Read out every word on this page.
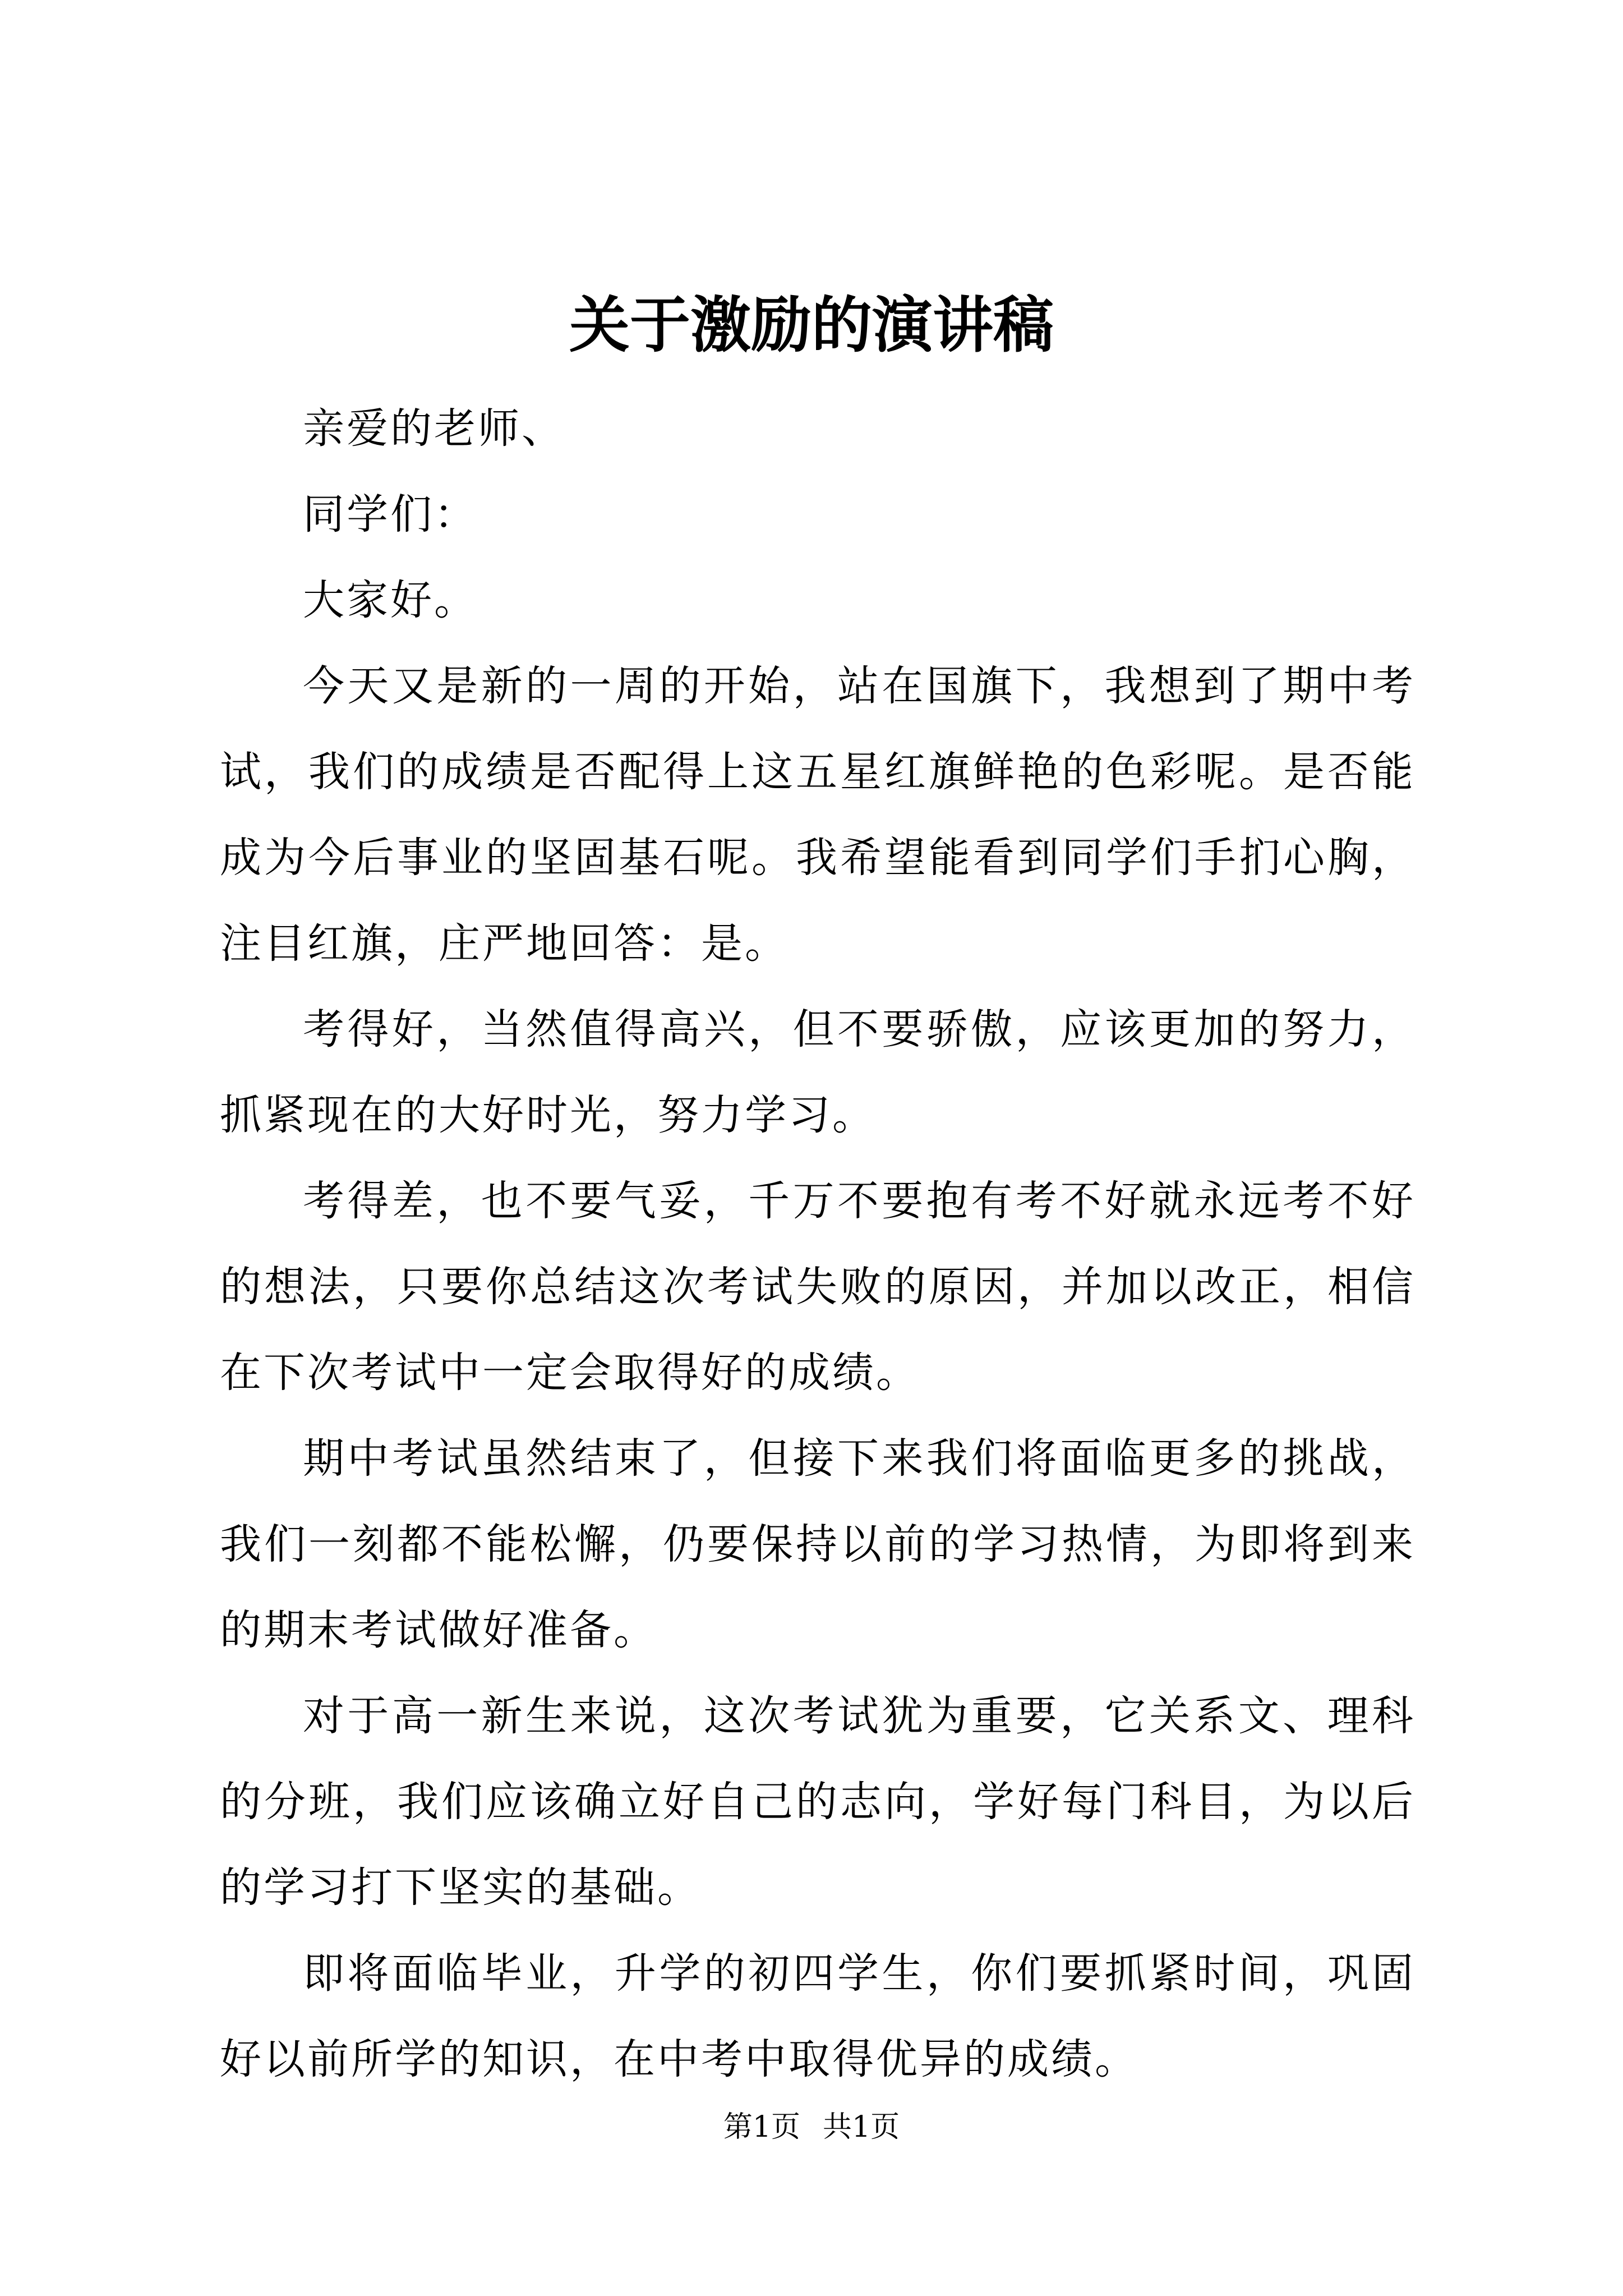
关于激励的演讲稿

亲爱的老师、

同学们：

大家好。

今天又是新的一周的开始，站在国旗下，我想到了期中考试，我们的成绩是否配得上这五星红旗鲜艳的色彩呢。是否能成为今后事业的坚固基石呢。我希望能看到同学们手扪心胸，注目红旗，庄严地回答：是。

考得好，当然值得高兴，但不要骄傲，应该更加的努力，抓紧现在的大好时光，努力学习。

考得差，也不要气妥，千万不要抱有考不好就永远考不好的想法，只要你总结这次考试失败的原因，并加以改正，相信在下次考试中一定会取得好的成绩。

期中考试虽然结束了，但接下来我们将面临更多的挑战，我们一刻都不能松懈，仍要保持以前的学习热情，为即将到来的期末考试做好准备。

对于高一新生来说，这次考试犹为重要，它关系文、理科的分班，我们应该确立好自己的志向，学好每门科目，为以后的学习打下坚实的基础。

即将面临毕业，升学的初四学生，你们要抓紧时间，巩固好以前所学的知识，在中考中取得优异的成绩。

第1页 共1页
